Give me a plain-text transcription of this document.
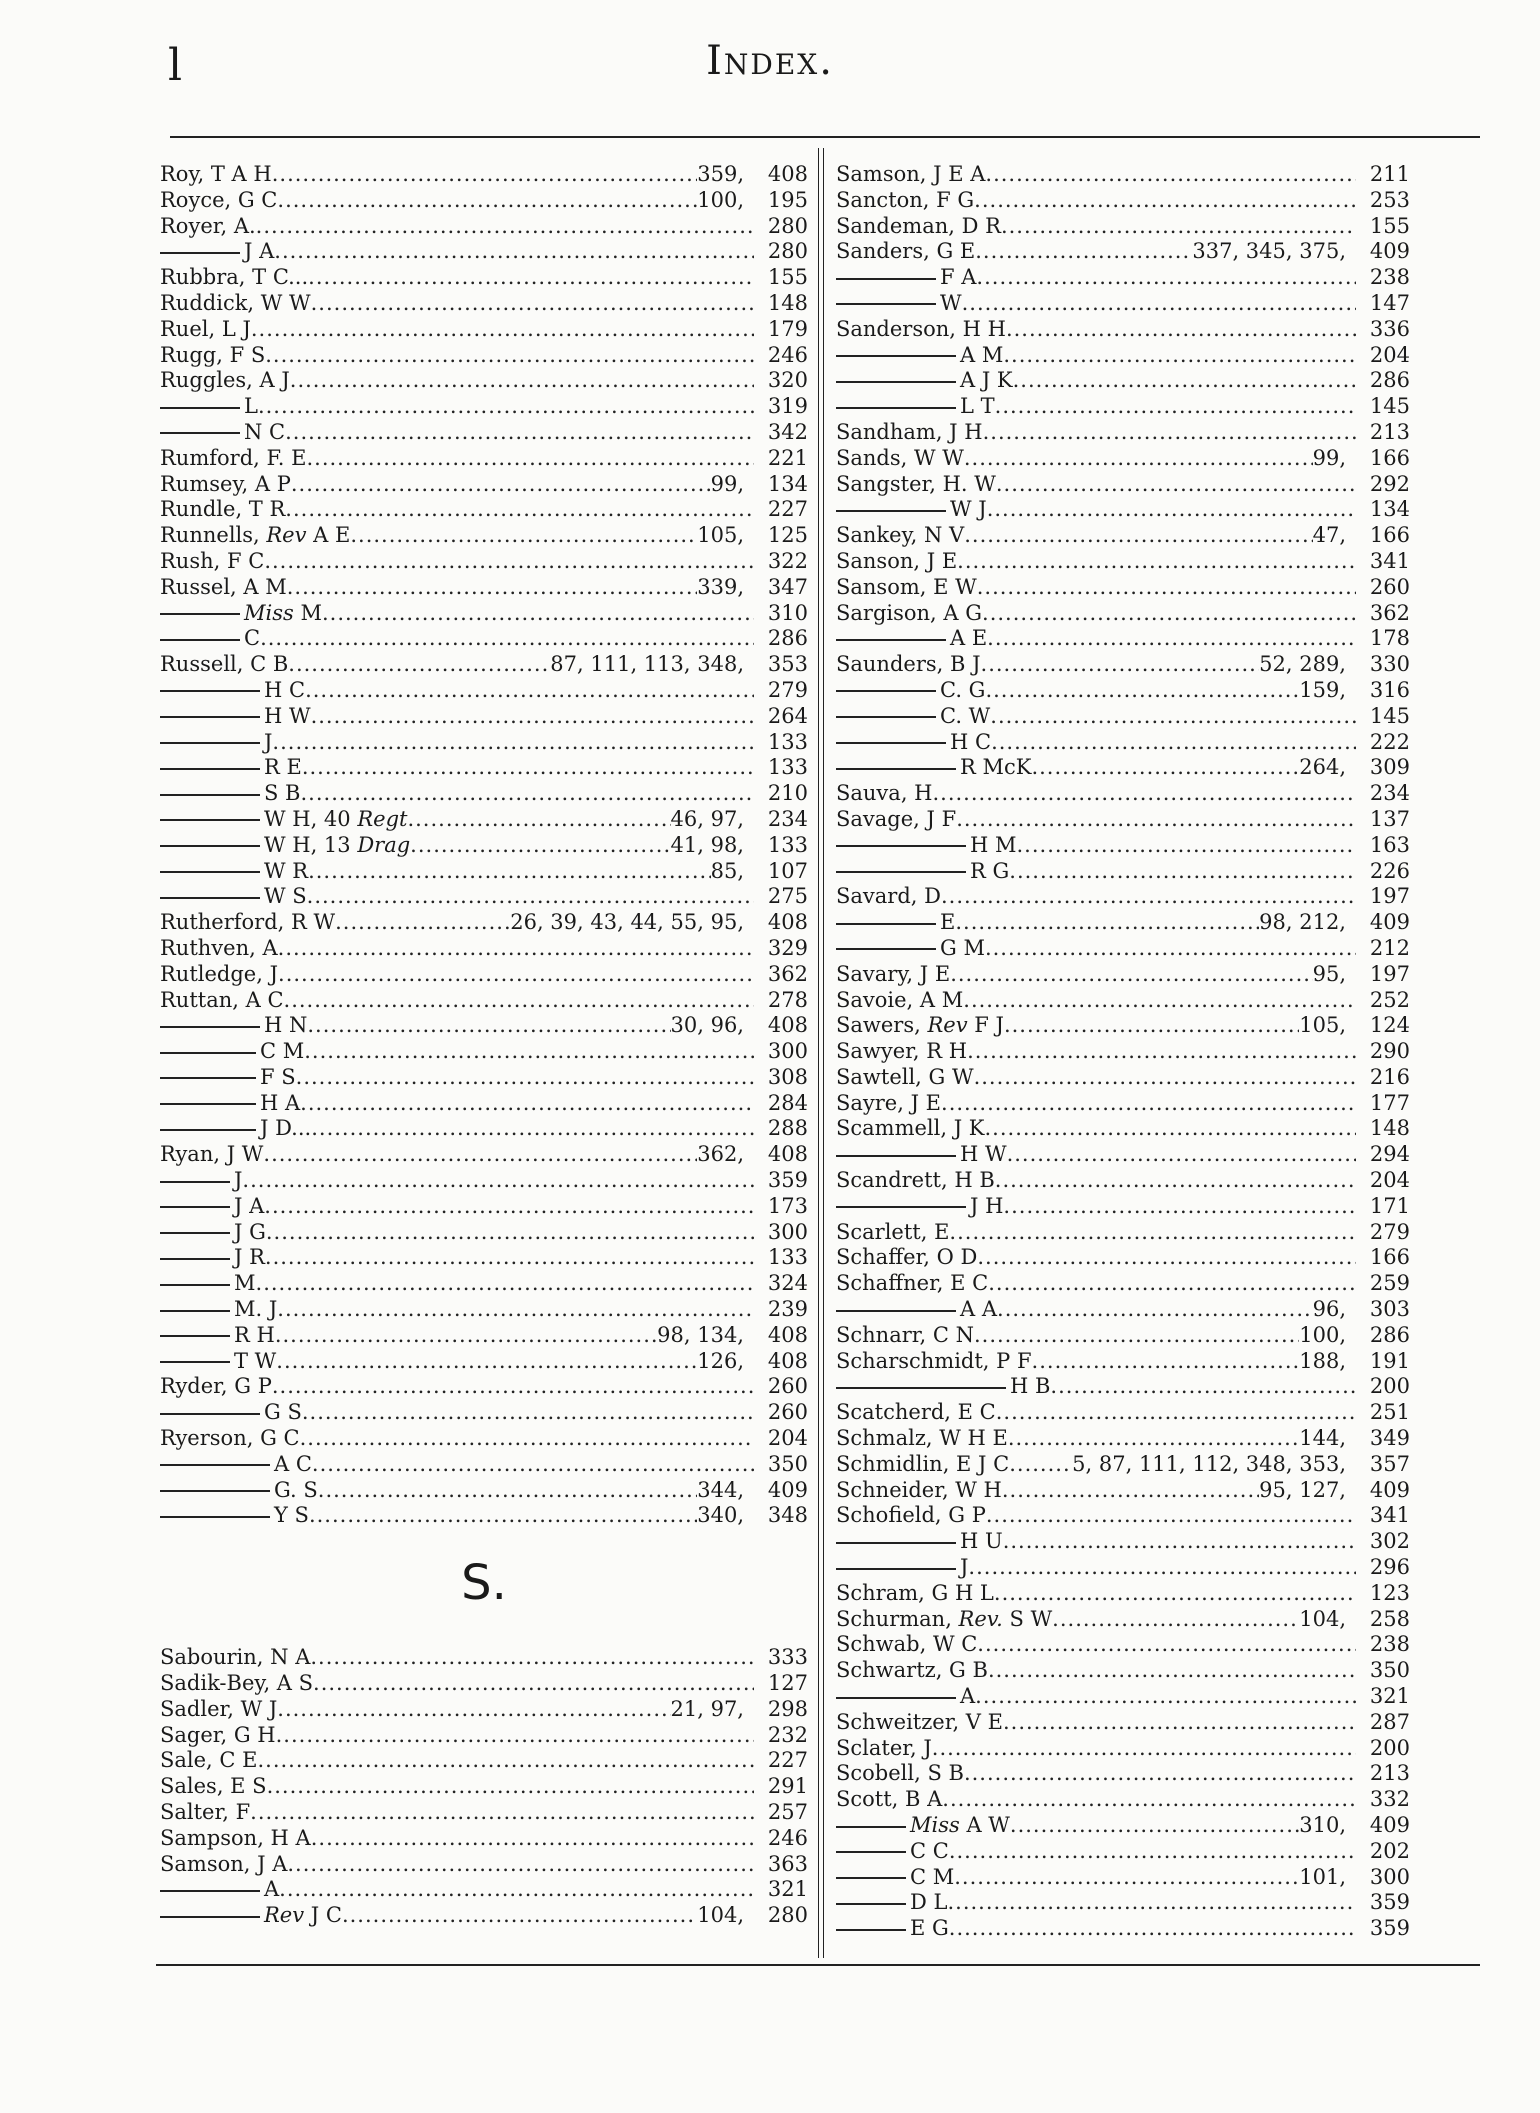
l	Index.
Roy, T A H .....	359,	408
Royce, G C .....	100,	195
Royer, A. .....	280
J A .....	280
Rubbra, T C... .....	155
Ruddick, W W .....	148
Ruel, L J .....	179
Rugg, F S .....	246
Ruggles, A J .....	320
L .....	319
N C .....	342
Rumford, F. E .....	221
Rumsey, A P .....	99,	134
Rundle, T R .....	227
Runnells, Rev A E .....	105,	125
Rush, F C .....	322
Russel, A M .....	339,	347
Miss M .....	310
C .....	286
Russell, C B .....	87, 111, 113, 348,	353
H C .....	279
H W .....	264
J .....	133
R E .....	133
S B .....	210
W H, 40 Regt .....	46, 97,	234
W H, 13 Drag .....	41, 98,	133
W R .....	85,	107
W S .....	275
Rutherford, R W .....	26, 39, 43, 44, 55, 95,	408
Ruthven, A .....	329
Rutledge, J .....	362
Ruttan, A C .....	278
H N .....	30, 96,	408
C M .....	300
F S .....	308
H A .....	284
J D... .....	288
Ryan, J W .....	362,	408
J .....	359
J A .....	173
J G .....	300
J R .....	133
M .....	324
M. J .....	239
R H .....	98, 134,	408
T W .....	126,	408
Ryder, G P .....	260
G S .....	260
Ryerson, G C .....	204
A C .....	350
G. S .....	344,	409
Y S .....	340,	348
S.
Sabourin, N A .....	333
Sadik-Bey, A S .....	127
Sadler, W J .....	21, 97,	298
Sager, G H .....	232
Sale, C E .....	227
Sales, E S .....	291
Salter, F .....	257
Sampson, H A .....	246
Samson, J A .....	363
A .....	321
Rev J C .....	104,	280
Samson, J E A .....	211
Sancton, F G .....	253
Sandeman, D R .....	155
Sanders, G E .....	337, 345, 375,	409
F A .....	238
W .....	147
Sanderson, H H .....	336
A M .....	204
A J K .....	286
L T .....	145
Sandham, J H .....	213
Sands, W W .....	99,	166
Sangster, H. W .....	292
W J .....	134
Sankey, N V .....	47,	166
Sanson, J E .....	341
Sansom, E W .....	260
Sargison, A G .....	362
A E .....	178
Saunders, B J .....	52, 289,	330
C. G .....	159,	316
C. W .....	145
H C .....	222
R McK .....	264,	309
Sauva, H .....	234
Savage, J F .....	137
H M .....	163
R G .....	226
Savard, D .....	197
E .....	98, 212,	409
G M .....	212
Savary, J E .....	95,	197
Savoie, A M .....	252
Sawers, Rev F J .....	105,	124
Sawyer, R H .....	290
Sawtell, G W .....	216
Sayre, J E .....	177
Scammell, J K .....	148
H W .....	294
Scandrett, H B .....	204
J H .....	171
Scarlett, E .....	279
Schaffer, O D .....	166
Schaffner, E C .....	259
A A .....	96,	303
Schnarr, C N .....	100,	286
Scharschmidt, P F .....	188,	191
H B .....	200
Scatcherd, E C .....	251
Schmalz, W H E .....	144,	349
Schmidlin, E J C .....	5, 87, 111, 112, 348, 353,	357
Schneider, W H .....	95, 127,	409
Schofield, G P .....	341
H U .....	302
J .....	296
Schram, G H L .....	123
Schurman, Rev. S W .....	104,	258
Schwab, W C .....	238
Schwartz, G B .....	350
A .....	321
Schweitzer, V E .....	287
Sclater, J .....	200
Scobell, S B .....	213
Scott, B A .....	332
Miss A W .....	310,	409
C C .....	202
C M .....	101,	300
D L .....	359
E G .....	359
